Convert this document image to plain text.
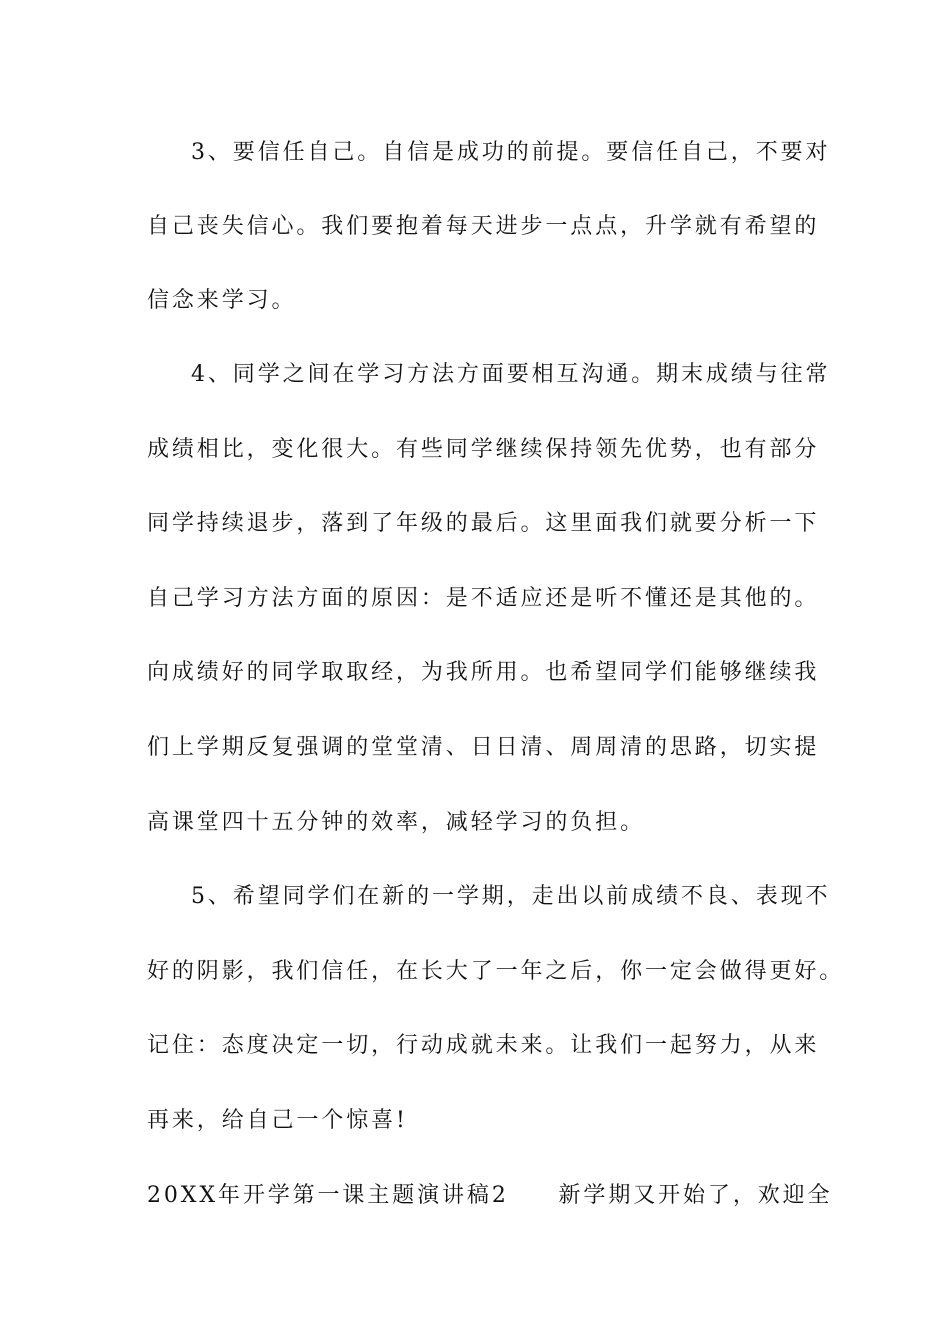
3、要信任自己。自信是成功的前提。要信任自己，不要对
自己丧失信心。我们要抱着每天进步一点点，升学就有希望的
信念来学习。
4、同学之间在学习方法方面要相互沟通。期末成绩与往常
成绩相比，变化很大。有些同学继续保持领先优势，也有部分
同学持续退步，落到了年级的最后。这里面我们就要分析一下
自己学习方法方面的原因：是不适应还是听不懂还是其他的。
向成绩好的同学取取经，为我所用。也希望同学们能够继续我
们上学期反复强调的堂堂清、日日清、周周清的思路，切实提
高课堂四十五分钟的效率，减轻学习的负担。
5、希望同学们在新的一学期，走出以前成绩不良、表现不
好的阴影，我们信任，在长大了一年之后，你一定会做得更好。
记住：态度决定一切，行动成就未来。让我们一起努力，从来
再来，给自己一个惊喜!
20XX年开学第一课主题演讲稿2　　新学期又开始了，欢迎全
